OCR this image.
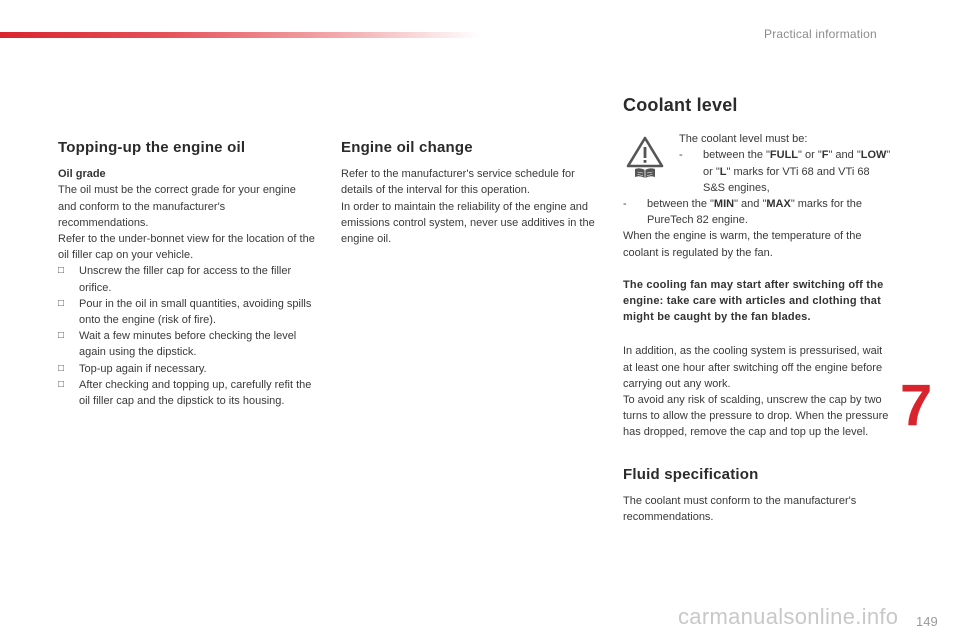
Practical information
Topping-up the engine oil

Oil grade

The oil must be the correct grade for your engine and conform to the manufacturer's recommendations.

Refer to the under-bonnet view for the location of the oil filler cap on your vehicle.

□ Unscrew the filler cap for access to the filler orifice.
□ Pour in the oil in small quantities, avoiding spills onto the engine (risk of fire).
□ Wait a few minutes before checking the level again using the dipstick.
□ Top-up again if necessary.
□ After checking and topping up, carefully refit the oil filler cap and the dipstick to its housing.
Engine oil change

Refer to the manufacturer's service schedule for details of the interval for this operation.

In order to maintain the reliability of the engine and emissions control system, never use additives in the engine oil.

Coolant level

The coolant level must be:

- between the "FULL" or "F" and "LOW" or "L" marks for VTi 68 and VTi 68 S&S engines,
- between the "MIN" and "MAX" marks for the PureTech 82 engine.

When the engine is warm, the temperature of the coolant is regulated by the fan.

The cooling fan may start after switching off the engine: take care with articles and clothing that might be caught by the fan blades.

In addition, as the cooling system is pressurised, wait at least one hour after switching off the engine before carrying out any work.

To avoid any risk of scalding, unscrew the cap by two turns to allow the pressure to drop. When the pressure has dropped, remove the cap and top up the level.

Fluid specification

The coolant must conform to the manufacturer's recommendations.

7
carmanualsonline.info 149
